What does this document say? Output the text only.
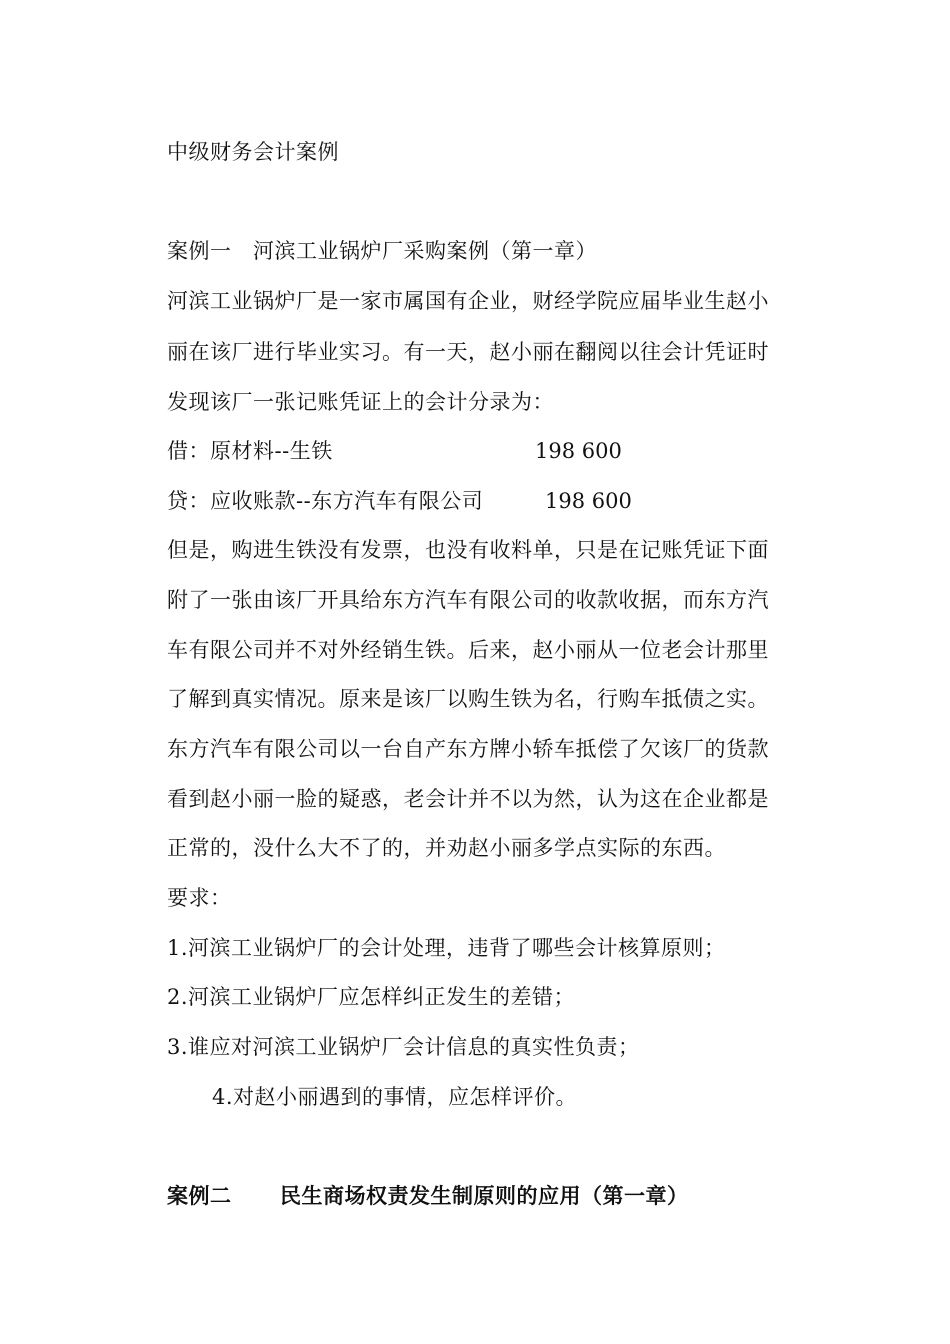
中级财务会计案例
案例一　河滨工业锅炉厂采购案例（第一章）
河滨工业锅炉厂是一家市属国有企业，财经学院应届毕业生赵小
丽在该厂进行毕业实习。有一天，赵小丽在翻阅以往会计凭证时
发现该厂一张记账凭证上的会计分录为：
借：原材料--生铁	198 600
贷：应收账款--东方汽车有限公司	198 600
但是，购进生铁没有发票，也没有收料单，只是在记账凭证下面
附了一张由该厂开具给东方汽车有限公司的收款收据，而东方汽
车有限公司并不对外经销生铁。后来，赵小丽从一位老会计那里
了解到真实情况。原来是该厂以购生铁为名，行购车抵债之实。
东方汽车有限公司以一台自产东方牌小轿车抵偿了欠该厂的货款
看到赵小丽一脸的疑惑，老会计并不以为然，认为这在企业都是
正常的，没什么大不了的，并劝赵小丽多学点实际的东西。
要求：
1.河滨工业锅炉厂的会计处理，违背了哪些会计核算原则；
2.河滨工业锅炉厂应怎样纠正发生的差错；
3.谁应对河滨工业锅炉厂会计信息的真实性负责；
4.对赵小丽遇到的事情，应怎样评价。
案例二 民生商场权责发生制原则的应用（第一章）
